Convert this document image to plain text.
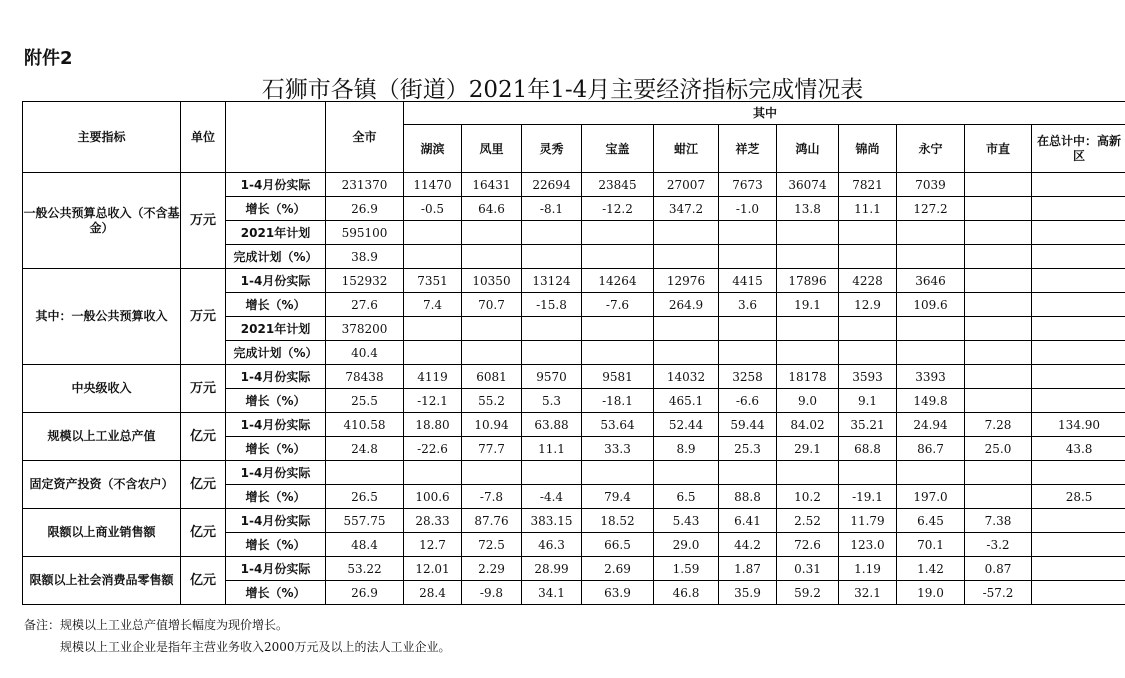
附件2
石狮市各镇（街道）2021年1-4月主要经济指标完成情况表
主要指标	单位		全市	其中										
				湖滨	凤里	灵秀	宝盖	蚶江	祥芝	鸿山	锦尚	永宁	市直	在总计中：高新区
一般公共预算总收入（不含基金）	万元	1-4月份实际	231370	11470	16431	22694	23845	27007	7673	36074	7821	7039		
		增长（%）	26.9	-0.5	64.6	-8.1	-12.2	347.2	-1.0	13.8	11.1	127.2		
		2021年计划	595100											
		完成计划（%）	38.9											
其中：一般公共预算收入	万元	1-4月份实际	152932	7351	10350	13124	14264	12976	4415	17896	4228	3646		
		增长（%）	27.6	7.4	70.7	-15.8	-7.6	264.9	3.6	19.1	12.9	109.6		
		2021年计划	378200											
		完成计划（%）	40.4											
中央级收入	万元	1-4月份实际	78438	4119	6081	9570	9581	14032	3258	18178	3593	3393		
		增长（%）	25.5	-12.1	55.2	5.3	-18.1	465.1	-6.6	9.0	9.1	149.8		
规模以上工业总产值	亿元	1-4月份实际	410.58	18.80	10.94	63.88	53.64	52.44	59.44	84.02	35.21	24.94	7.28	134.90
		增长（%）	24.8	-22.6	77.7	11.1	33.3	8.9	25.3	29.1	68.8	86.7	25.0	43.8
固定资产投资（不含农户）	亿元	1-4月份实际												
		增长（%）	26.5	100.6	-7.8	-4.4	79.4	6.5	88.8	10.2	-19.1	197.0		28.5
限额以上商业销售额	亿元	1-4月份实际	557.75	28.33	87.76	383.15	18.52	5.43	6.41	2.52	11.79	6.45	7.38	
		增长（%）	48.4	12.7	72.5	46.3	66.5	29.0	44.2	72.6	123.0	70.1	-3.2	
限额以上社会消费品零售额	亿元	1-4月份实际	53.22	12.01	2.29	28.99	2.69	1.59	1.87	0.31	1.19	1.42	0.87	
		增长（%）	26.9	28.4	-9.8	34.1	63.9	46.8	35.9	59.2	32.1	19.0	-57.2	
备注：规模以上工业总产值增长幅度为现价增长。
规模以上工业企业是指年主营业务收入2000万元及以上的法人工业企业。
